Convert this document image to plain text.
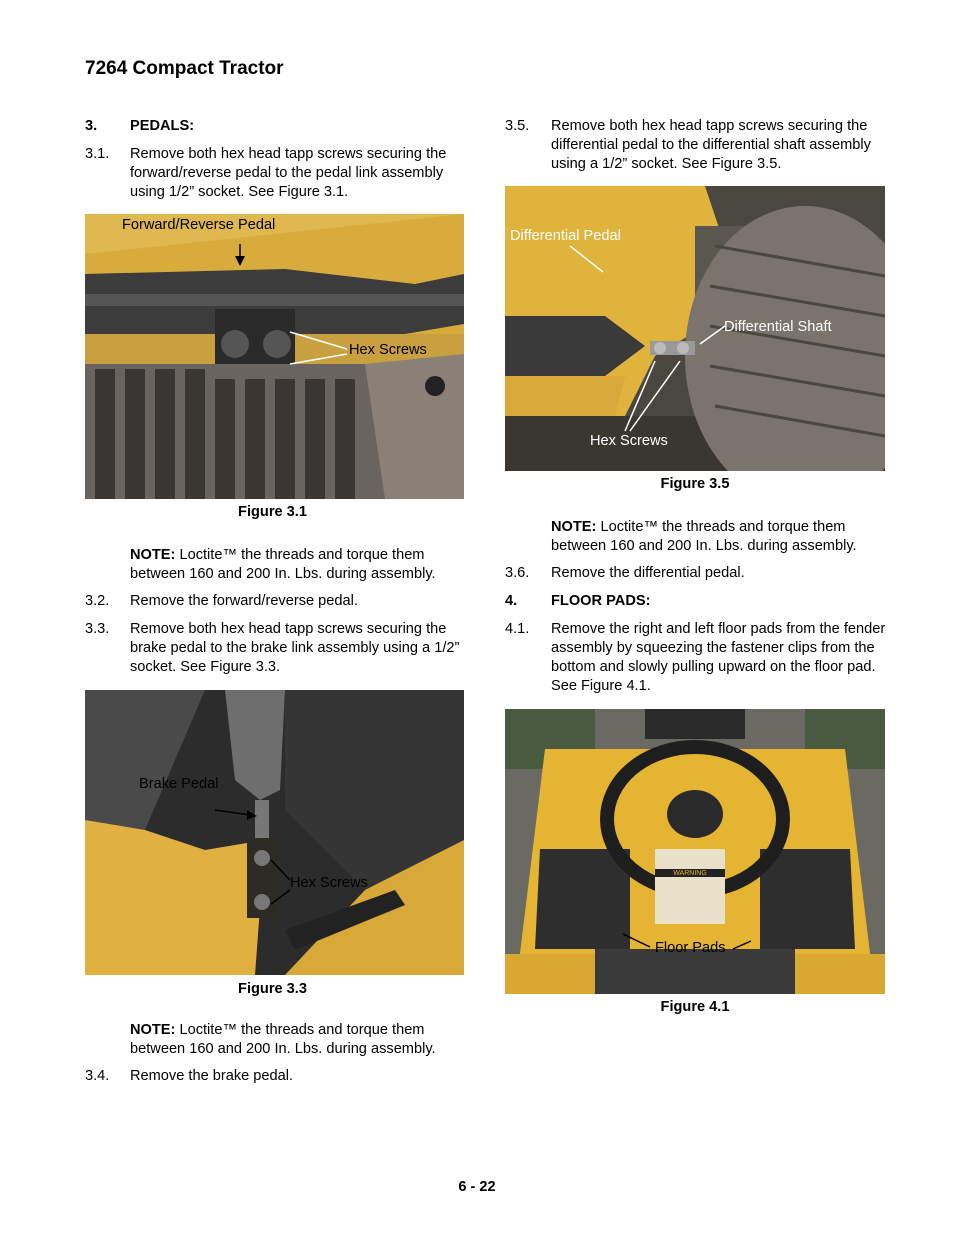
7264 Compact Tractor
3. PEDALS:
3.1. Remove both hex head tapp screws securing the forward/reverse pedal to the pedal link assembly using 1/2” socket. See Figure 3.1.
Forward/Reverse Pedal
Hex Screws
Figure 3.1
NOTE: Loctite™ the threads and torque them between 160 and 200 In. Lbs. during assembly.
3.2. Remove the forward/reverse pedal.
3.3. Remove both hex head tapp screws securing the brake pedal to the brake link assembly using a 1/2” socket. See Figure 3.3.
Brake Pedal
Hex Screws
Figure 3.3
NOTE: Loctite™ the threads and torque them between 160 and 200 In. Lbs. during assembly.
3.4. Remove the brake pedal.
3.5. Remove both hex head tapp screws securing the differential pedal to the differential shaft assembly using a 1/2” socket. See Figure 3.5.
Differential Pedal
Differential Shaft
Hex Screws
Figure 3.5
NOTE: Loctite™ the threads and torque them between 160 and 200 In. Lbs. during assembly.
3.6. Remove the differential pedal.
4. FLOOR PADS:
4.1. Remove the right and left floor pads from the fender assembly by squeezing the fastener clips from the bottom and slowly pulling upward on the floor pad. See Figure 4.1.
WARNING
Floor Pads
Figure 4.1
6 - 22
